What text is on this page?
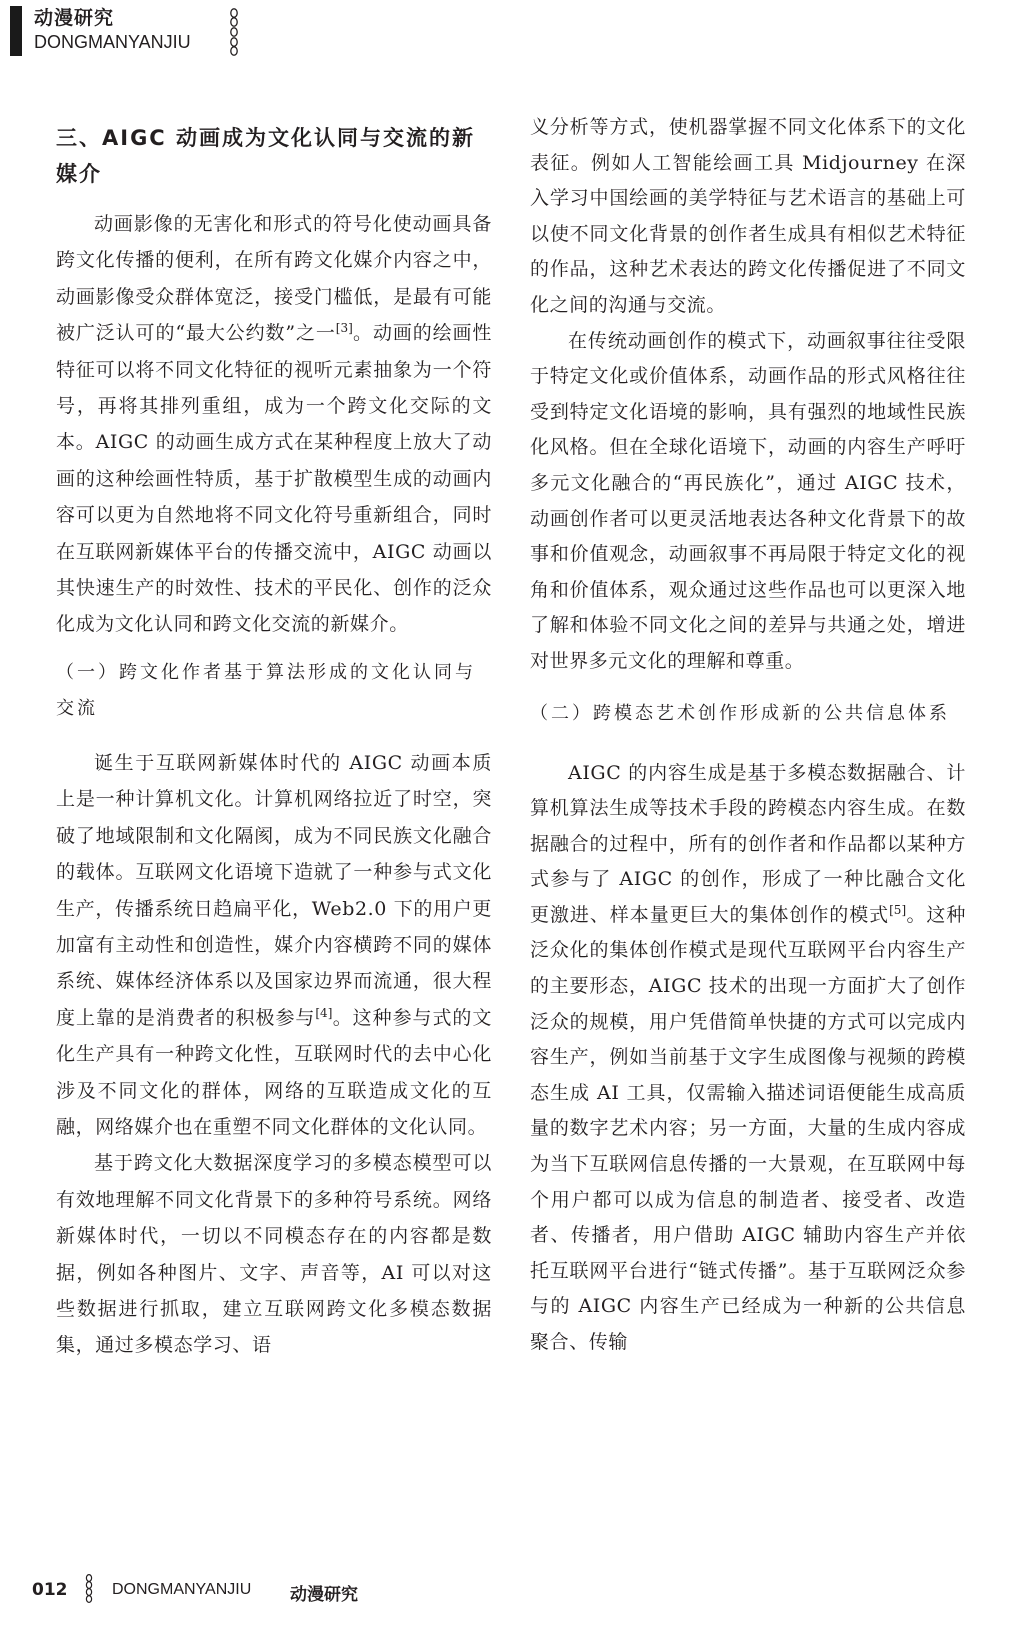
动漫研究
DONGMANYANJIU
三、AIGC 动画成为文化认同与交流的新媒介

动画影像的无害化和形式的符号化使动画具备跨文化传播的便利，在所有跨文化媒介内容之中，动画影像受众群体宽泛，接受门槛低，是最有可能被广泛认可的“最大公约数”之一[3]。动画的绘画性特征可以将不同文化特征的视听元素抽象为一个符号，再将其排列重组，成为一个跨文化交际的文本。AIGC 的动画生成方式在某种程度上放大了动画的这种绘画性特质，基于扩散模型生成的动画内容可以更为自然地将不同文化符号重新组合，同时在互联网新媒体平台的传播交流中，AIGC 动画以其快速生产的时效性、技术的平民化、创作的泛众化成为文化认同和跨文化交流的新媒介。

（一）跨文化作者基于算法形成的文化认同与交流

诞生于互联网新媒体时代的 AIGC 动画本质上是一种计算机文化。计算机网络拉近了时空，突破了地域限制和文化隔阂，成为不同民族文化融合的载体。互联网文化语境下造就了一种参与式文化生产，传播系统日趋扁平化，Web2.0 下的用户更加富有主动性和创造性，媒介内容横跨不同的媒体系统、媒体经济体系以及国家边界而流通，很大程度上靠的是消费者的积极参与[4]。这种参与式的文化生产具有一种跨文化性，互联网时代的去中心化涉及不同文化的群体，网络的互联造成文化的互融，网络媒介也在重塑不同文化群体的文化认同。

基于跨文化大数据深度学习的多模态模型可以有效地理解不同文化背景下的多种符号系统。网络新媒体时代，一切以不同模态存在的内容都是数据，例如各种图片、文字、声音等，AI 可以对这些数据进行抓取，建立互联网跨文化多模态数据集，通过多模态学习、语

义分析等方式，使机器掌握不同文化体系下的文化表征。例如人工智能绘画工具 Midjourney 在深入学习中国绘画的美学特征与艺术语言的基础上可以使不同文化背景的创作者生成具有相似艺术特征的作品，这种艺术表达的跨文化传播促进了不同文化之间的沟通与交流。

在传统动画创作的模式下，动画叙事往往受限于特定文化或价值体系，动画作品的形式风格往往受到特定文化语境的影响，具有强烈的地域性民族化风格。但在全球化语境下，动画的内容生产呼吁多元文化融合的“再民族化”，通过 AIGC 技术，动画创作者可以更灵活地表达各种文化背景下的故事和价值观念，动画叙事不再局限于特定文化的视角和价值体系，观众通过这些作品也可以更深入地了解和体验不同文化之间的差异与共通之处，增进对世界多元文化的理解和尊重。

（二）跨模态艺术创作形成新的公共信息体系

AIGC 的内容生成是基于多模态数据融合、计算机算法生成等技术手段的跨模态内容生成。在数据融合的过程中，所有的创作者和作品都以某种方式参与了 AIGC 的创作，形成了一种比融合文化更激进、样本量更巨大的集体创作的模式[5]。这种泛众化的集体创作模式是现代互联网平台内容生产的主要形态，AIGC 技术的出现一方面扩大了创作泛众的规模，用户凭借简单快捷的方式可以完成内容生产，例如当前基于文字生成图像与视频的跨模态生成 AI 工具，仅需输入描述词语便能生成高质量的数字艺术内容；另一方面，大量的生成内容成为当下互联网信息传播的一大景观，在互联网中每个用户都可以成为信息的制造者、接受者、改造者、传播者，用户借助 AIGC 辅助内容生产并依托互联网平台进行“链式传播”。基于互联网泛众参与的 AIGC 内容生产已经成为一种新的公共信息聚合、传输

012	DONGMANYANJIU	动漫研究
